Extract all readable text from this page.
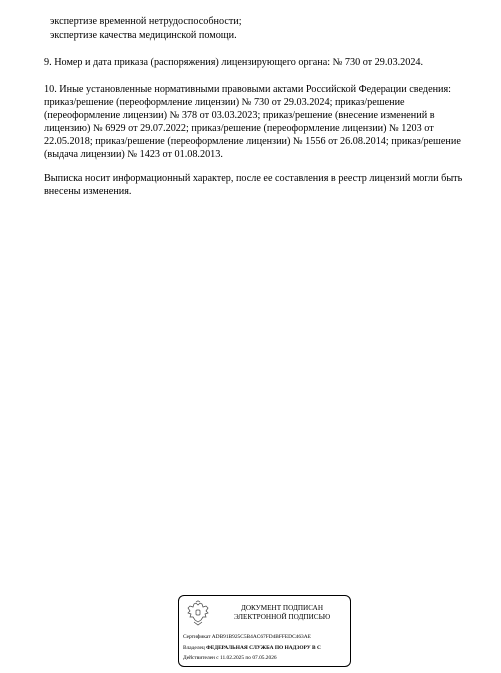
экспертизе временной нетрудоспособности;
экспертизе качества медицинской помощи.
9. Номер и дата приказа (распоряжения) лицензирующего органа: № 730 от 29.03.2024.
10. Иные установленные нормативными правовыми актами Российской Федерации сведения:
приказ/решение (переоформление лицензии) № 730 от 29.03.2024; приказ/решение
(переоформление лицензии) № 378 от 03.03.2023; приказ/решение (внесение изменений в
лицензию) № 6929 от 29.07.2022; приказ/решение (переоформление лицензии) № 1203 от
22.05.2018; приказ/решение (переоформление лицензии) № 1556 от 26.08.2014; приказ/решение
(выдача лицензии) № 1423 от 01.08.2013.
Выписка носит информационный характер, после ее составления в реестр лицензий могли быть
внесены изменения.
ДОКУМЕНТ ПОДПИСАН
ЭЛЕКТРОННОЙ ПОДПИСЬЮ
Сертификат ADB91B925C5B4AC67FD4BFFEDC463AE
Владелец ФЕДЕРАЛЬНАЯ СЛУЖБА ПО НАДЗОРУ В С
Действителен с 11.02.2025 по 07.05.2026
